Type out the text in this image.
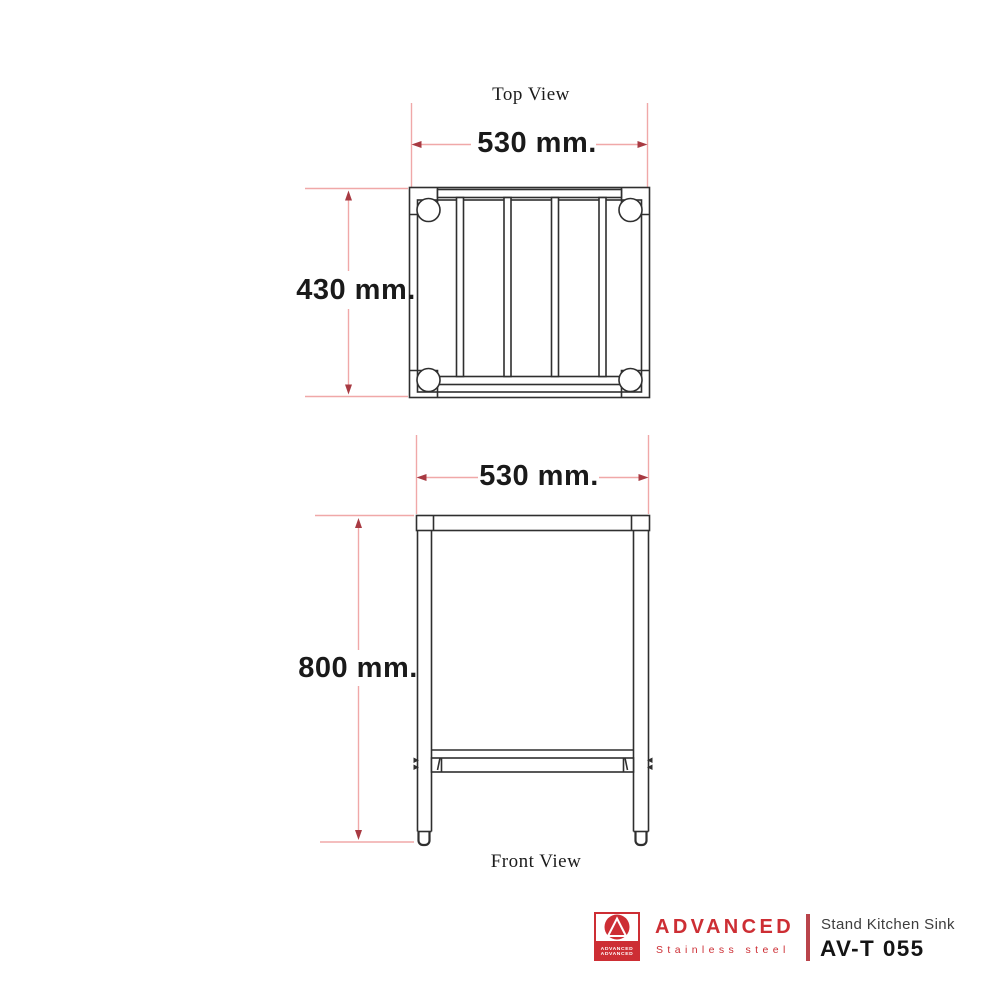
Top View
530 mm.
430 mm.
530 mm.
800 mm.
Front View
ADVANCED
ADVANCED
ADVANCED
Stainless steel
Stand Kitchen Sink
AV-T 055
